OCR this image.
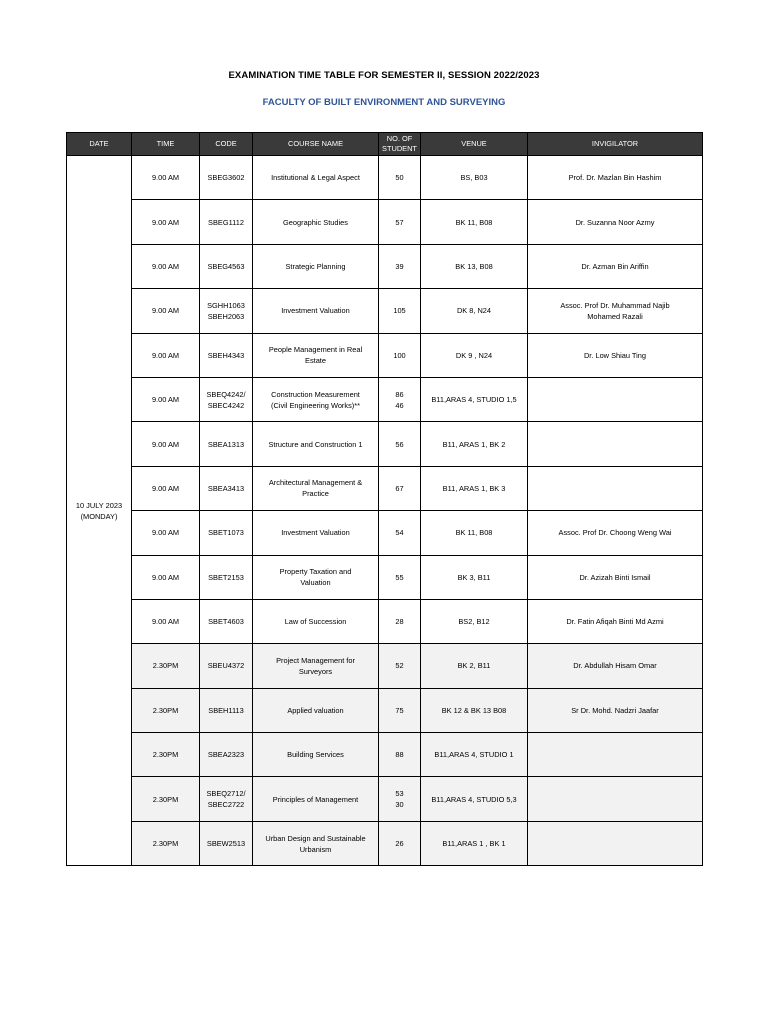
EXAMINATION TIME TABLE FOR SEMESTER II, SESSION 2022/2023
FACULTY OF BUILT ENVIRONMENT AND SURVEYING
DATE	TIME	CODE	COURSE NAME	NO. OF STUDENT	VENUE	INVIGILATOR
10 JULY 2023
(MONDAY)	9.00 AM	SBEG3602	Institutional & Legal Aspect	50	BS, B03	Prof. Dr. Mazlan Bin Hashim
	9.00 AM	SBEG1112	Geographic Studies	57	BK 11, B08	Dr. Suzanna Noor Azmy
	9.00 AM	SBEG4563	Strategic Planning	39	BK 13, B08	Dr. Azman Bin Ariffin
	9.00 AM	SGHH1063
SBEH2063	Investment Valuation	105	DK 8, N24	Assoc. Prof Dr. Muhammad Najib
Mohamed Razali
	9.00 AM	SBEH4343	People Management in Real
Estate	100	DK 9 , N24	Dr. Low Shiau Ting
	9.00 AM	SBEQ4242/
SBEC4242	Construction Measurement
(Civil Engineering Works)**	86
46	B11,ARAS 4, STUDIO 1,5	
	9.00 AM	SBEA1313	Structure and Construction 1	56	B11, ARAS 1, BK 2	
	9.00 AM	SBEA3413	Architectural Management &
Practice	67	B11, ARAS 1, BK 3	
	9.00 AM	SBET1073	Investment Valuation	54	BK 11, B08	Assoc. Prof Dr. Choong Weng Wai
	9.00 AM	SBET2153	Property Taxation and
Valuation	55	BK 3, B11	Dr. Azizah Binti Ismail
	9.00 AM	SBET4603	Law of Succession	28	BS2, B12	Dr. Fatin Afiqah Binti Md Azmi
	2.30PM	SBEU4372	Project Management for
Surveyors	52	BK 2, B11	Dr. Abdullah Hisam Omar
	2.30PM	SBEH1113	Applied valuation	75	BK 12 & BK 13 B08	Sr Dr. Mohd. Nadzri Jaafar
	2.30PM	SBEA2323	Building Services	88	B11,ARAS 4, STUDIO 1	
	2.30PM	SBEQ2712/
SBEC2722	Principles of Management	53
30	B11,ARAS 4, STUDIO 5,3	
	2.30PM	SBEW2513	Urban Design and Sustainable
Urbanism	26	B11,ARAS 1 , BK 1	
